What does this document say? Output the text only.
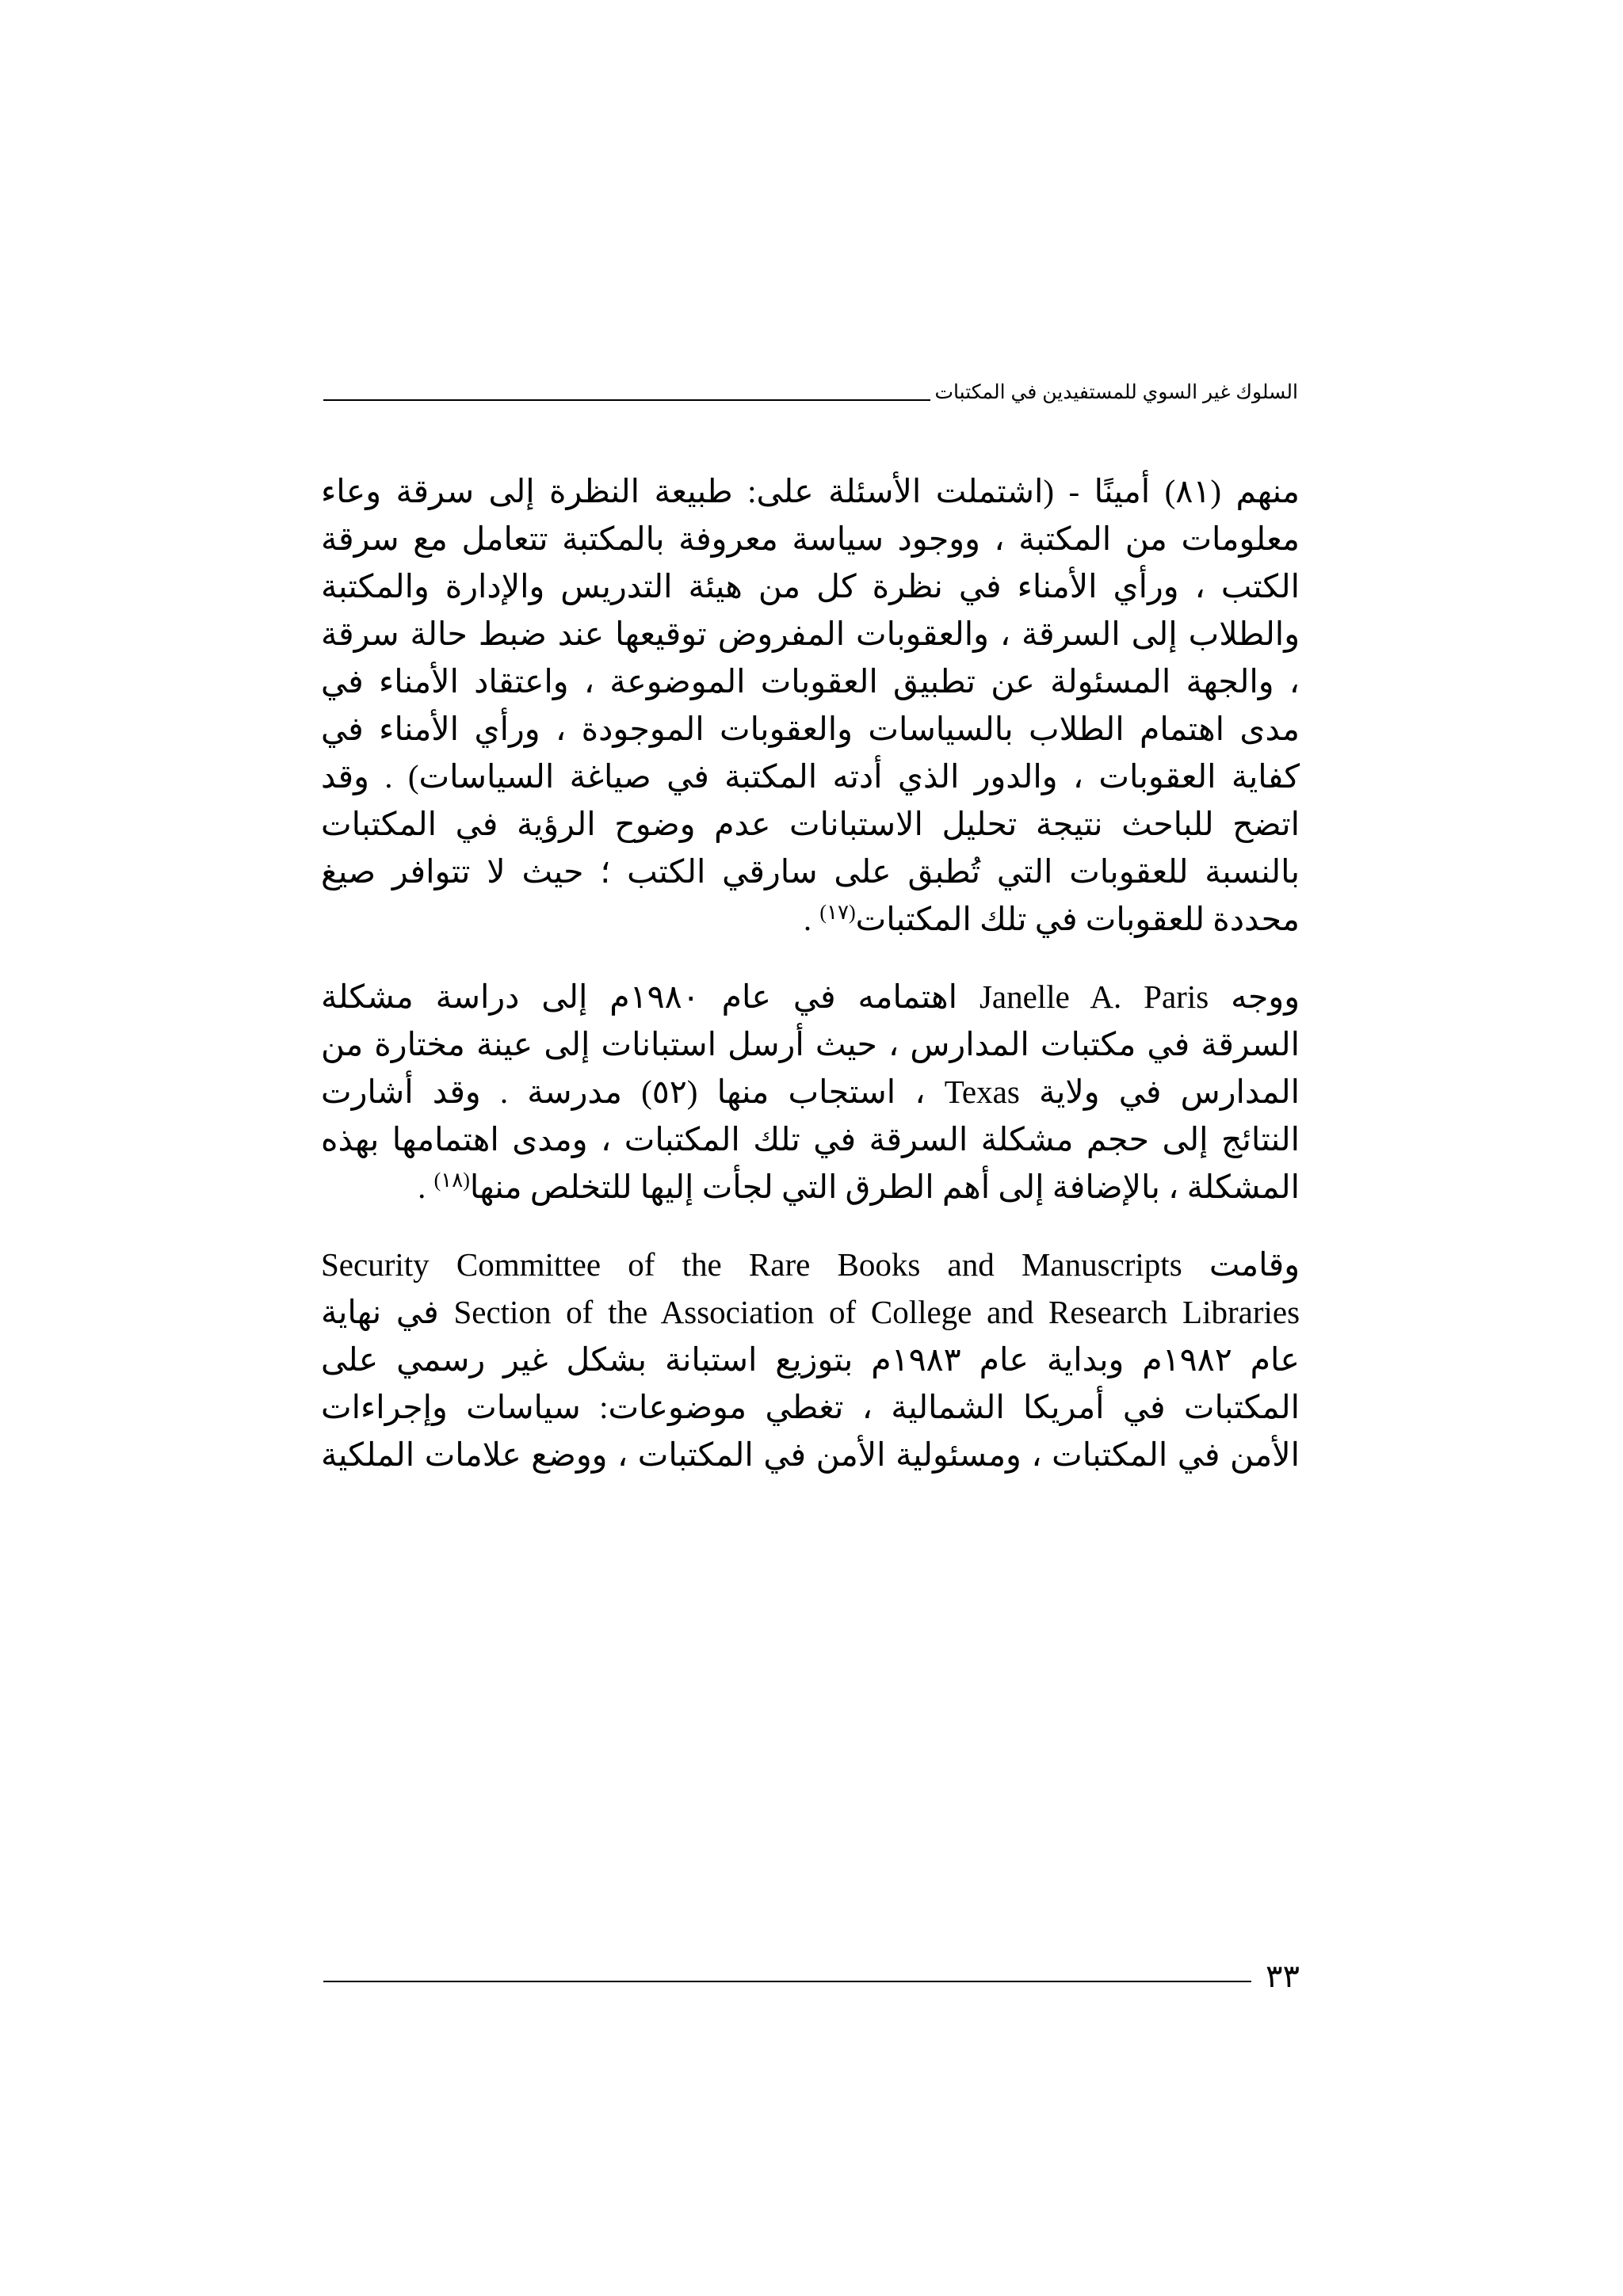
السلوك غير السوي للمستفيدين في المكتبات

منهم (٨١) أمينًا - (اشتملت الأسئلة على: طبيعة النظرة إلى سرقة وعاء
معلومات من المكتبة ، ووجود سياسة معروفة بالمكتبة تتعامل مع سرقة
الكتب ، ورأي الأمناء في نظرة كل من هيئة التدريس والإدارة والمكتبة
والطلاب إلى السرقة ، والعقوبات المفروض توقيعها عند ضبط حالة سرقة
، والجهة المسئولة عن تطبيق العقوبات الموضوعة ، واعتقاد الأمناء في
مدى اهتمام الطلاب بالسياسات والعقوبات الموجودة ، ورأي الأمناء في
كفاية العقوبات ، والدور الذي أدته المكتبة في صياغة السياسات) . وقد
اتضح للباحث نتيجة تحليل الاستبانات عدم وضوح الرؤية في المكتبات
بالنسبة للعقوبات التي تُطبق على سارقي الكتب ؛ حيث لا تتوافر صيغ
محددة للعقوبات في تلك المكتبات$^{(١٧)}$ .

ووجه Janelle A. Paris اهتمامه في عام ١٩٨٠م إلى دراسة مشكلة
السرقة في مكتبات المدارس ، حيث أرسل استبانات إلى عينة مختارة من
المدارس في ولاية Texas ، استجاب منها (٥٢) مدرسة . وقد أشارت
النتائج إلى حجم مشكلة السرقة في تلك المكتبات ، ومدى اهتمامها بهذه
المشكلة ، بالإضافة إلى أهم الطرق التي لجأت إليها للتخلص منها$^{(١٨)}$ .

وقامت Security Committee of the Rare Books and Manuscripts
Section of the Association of College and Research Libraries في نهاية
عام ١٩٨٢م وبداية عام ١٩٨٣م بتوزيع استبانة بشكل غير رسمي على
المكتبات في أمريكا الشمالية ، تغطي موضوعات: سياسات وإجراءات
الأمن في المكتبات ، ومسئولية الأمن في المكتبات ، ووضع علامات الملكية

٣٣
